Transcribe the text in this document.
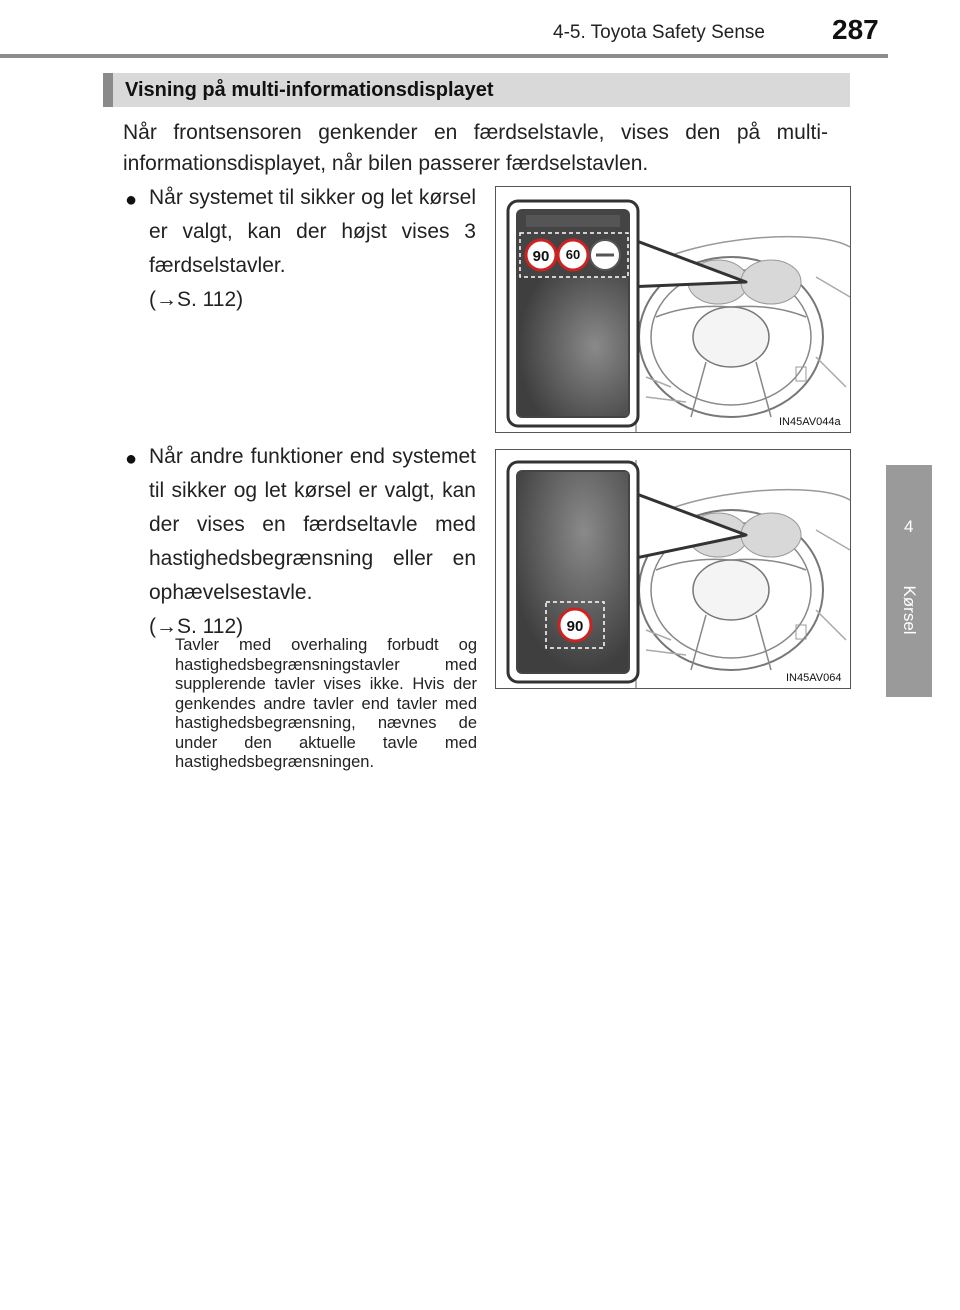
4-5. Toyota Safety Sense 287
4
Kørsel
Visning på multi-informationsdisplayet
Når frontsensoren genkender en færdselstavle, vises den på multi-informationsdisplayet, når bilen passerer færdselstavlen.
● Når systemet til sikker og let kørsel er valgt, kan der højst vises 3 færdselstavler.
(→S. 112)
● Når andre funktioner end systemet til sikker og let kørsel er valgt, kan der vises en færdseltavle med hastighedsbegrænsning eller en ophævelsestavle.
(→S. 112)
Tavler med overhaling forbudt og hastighedsbegrænsningstavler med supplerende tavler vises ikke. Hvis der genkendes andre tavler end tavler med hastighedsbegrænsning, nævnes de under den aktuelle tavle med hastighedsbegrænsningen.
90 60
IN45AV044a
90
IN45AV064
